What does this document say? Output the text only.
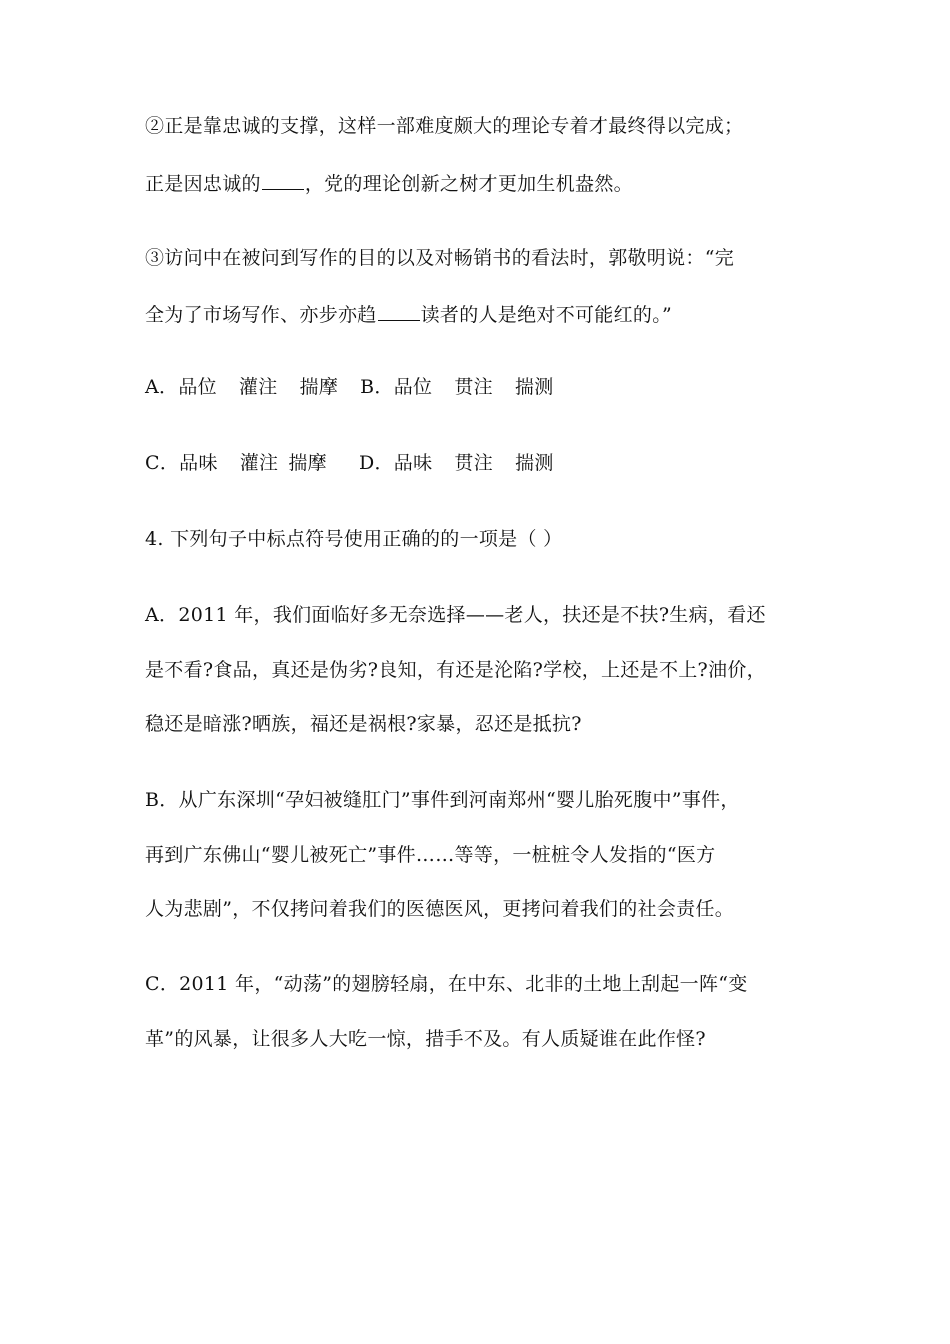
②正是靠忠诚的支撑，这样一部难度颇大的理论专着才最终得以完成；
正是因忠诚的 ，党的理论创新之树才更加生机盎然。
③访问中在被问到写作的目的以及对畅销书的看法时，郭敬明说：“完
全为了市场写作、亦步亦趋 读者的人是绝对不可能红的。”
A．品位 灌注 揣摩 B．品位 贯注 揣测
C．品味 灌注 揣摩 D．品味 贯注 揣测
4. 下列句子中标点符号使用正确的的一项是（ ）
A．2011 年，我们面临好多无奈选择——老人，扶还是不扶?生病，看还
是不看?食品，真还是伪劣?良知，有还是沦陷?学校，上还是不上?油价，
稳还是暗涨?晒族，福还是祸根?家暴，忍还是抵抗?
B．从广东深圳“孕妇被缝肛门”事件到河南郑州“婴儿胎死腹中”事件，
再到广东佛山“婴儿被死亡”事件……等等，一桩桩令人发指的“医方
人为悲剧”，不仅拷问着我们的医德医风，更拷问着我们的社会责任。
C．2011 年，“动荡”的翅膀轻扇，在中东、北非的土地上刮起一阵“变
革”的风暴，让很多人大吃一惊，措手不及。有人质疑谁在此作怪?
